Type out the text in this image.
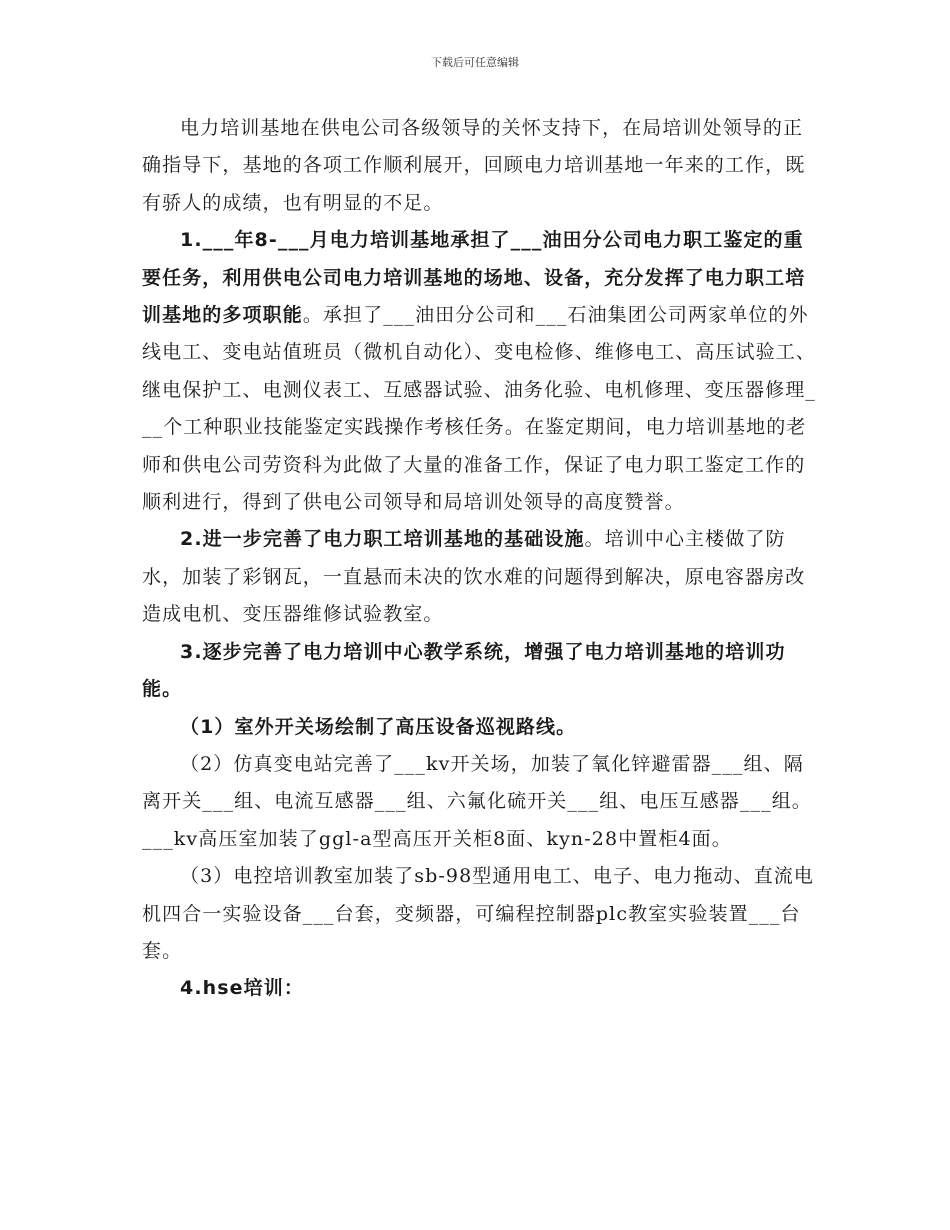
下载后可任意编辑

电力培训基地在供电公司各级领导的关怀支持下，在局培训处领导的正确指导下，基地的各项工作顺利展开，回顾电力培训基地一年来的工作，既有骄人的成绩，也有明显的不足。

1.___年8-___月电力培训基地承担了___油田分公司电力职工鉴定的重要任务，利用供电公司电力培训基地的场地、设备，充分发挥了电力职工培训基地的多项职能。承担了___油田分公司和___石油集团公司两家单位的外线电工、变电站值班员（微机自动化）、变电检修、维修电工、高压试验工、继电保护工、电测仪表工、互感器试验、油务化验、电机修理、变压器修理___个工种职业技能鉴定实践操作考核任务。在鉴定期间，电力培训基地的老师和供电公司劳资科为此做了大量的准备工作，保证了电力职工鉴定工作的顺利进行，得到了供电公司领导和局培训处领导的高度赞誉。

2.进一步完善了电力职工培训基地的基础设施。培训中心主楼做了防水，加装了彩钢瓦，一直悬而未决的饮水难的问题得到解决，原电容器房改造成电机、变压器维修试验教室。

3.逐步完善了电力培训中心教学系统，增强了电力培训基地的培训功能。

（1）室外开关场绘制了高压设备巡视路线。

（2）仿真变电站完善了___kv开关场，加装了氧化锌避雷器___组、隔离开关___组、电流互感器___组、六氟化硫开关___组、电压互感器___组。___kv高压室加装了ggl-a型高压开关柜8面、kyn-28中置柜4面。

（3）电控培训教室加装了sb-98型通用电工、电子、电力拖动、直流电机四合一实验设备___台套，变频器，可编程控制器plc教室实验装置___台套。

4.hse培训：
